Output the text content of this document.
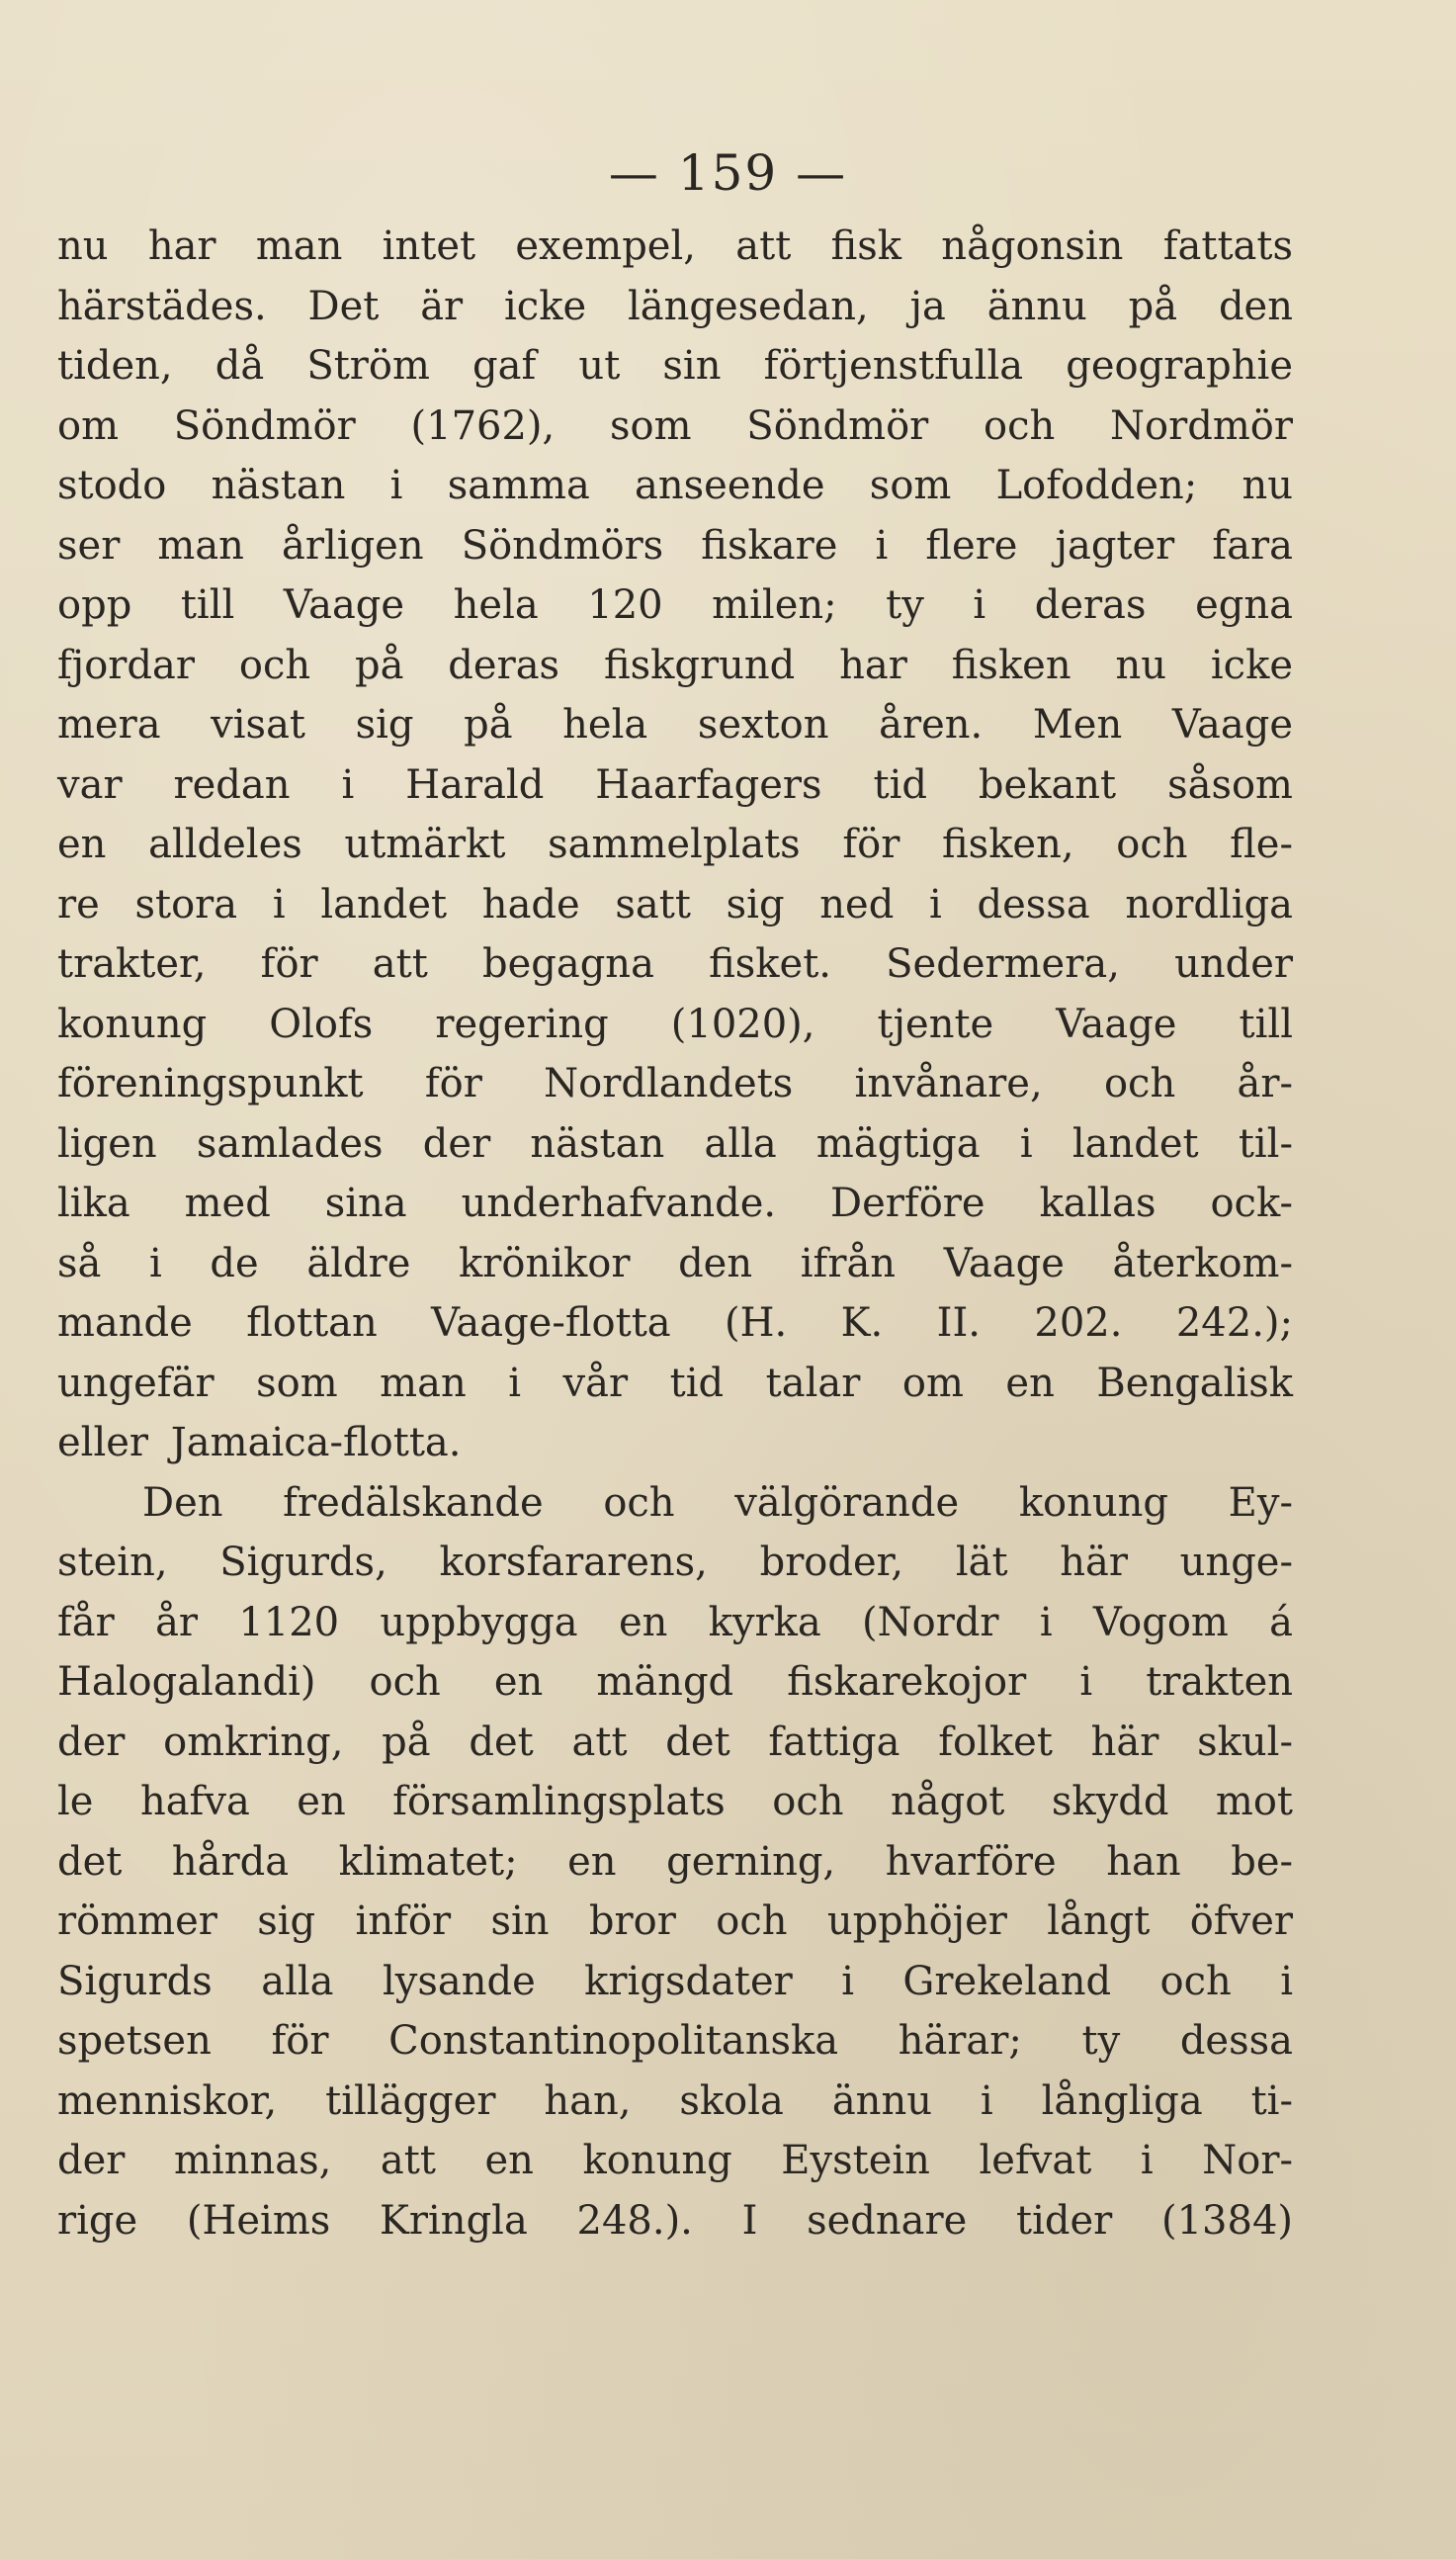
— 159 —
nu har man intet exempel, att fisk någonsin fattats
härstädes. Det är icke längesedan, ja ännu på den
tiden, då Ström gaf ut sin förtjenstfulla geographie
om Söndmör (1762), som Söndmör och Nordmör
stodo nästan i samma anseende som Lofodden; nu
ser man årligen Söndmörs fiskare i flere jagter fara
opp till Vaage hela 120 milen; ty i deras egna
fjordar och på deras fiskgrund har fisken nu icke
mera visat sig på hela sexton åren. Men Vaage
var redan i Harald Haarfagers tid bekant såsom
en alldeles utmärkt sammelplats för fisken, och fle-
re stora i landet hade satt sig ned i dessa nordliga
trakter, för att begagna fisket. Sedermera, under
konung Olofs regering (1020), tjente Vaage till
föreningspunkt för Nordlandets invånare, och år-
ligen samlades der nästan alla mägtiga i landet til-
lika med sina underhafvande. Derföre kallas ock-
så i de äldre krönikor den ifrån Vaage återkom-
mande flottan Vaage-flotta (H. K. II. 202. 242.);
ungefär som man i vår tid talar om en Bengalisk
eller Jamaica-flotta.
Den fredälskande och välgörande konung Ey-
stein, Sigurds, korsfararens, broder, lät här unge-
får år 1120 uppbygga en kyrka (Nordr i Vogom á
Halogalandi) och en mängd fiskarekojor i trakten
der omkring, på det att det fattiga folket här skul-
le hafva en församlingsplats och något skydd mot
det hårda klimatet; en gerning, hvarföre han be-
römmer sig inför sin bror och upphöjer långt öfver
Sigurds alla lysande krigsdater i Grekeland och i
spetsen för Constantinopolitanska härar; ty dessa
menniskor, tillägger han, skola ännu i långliga ti-
der minnas, att en konung Eystein lefvat i Nor-
rige (Heims Kringla 248.). I sednare tider (1384)
